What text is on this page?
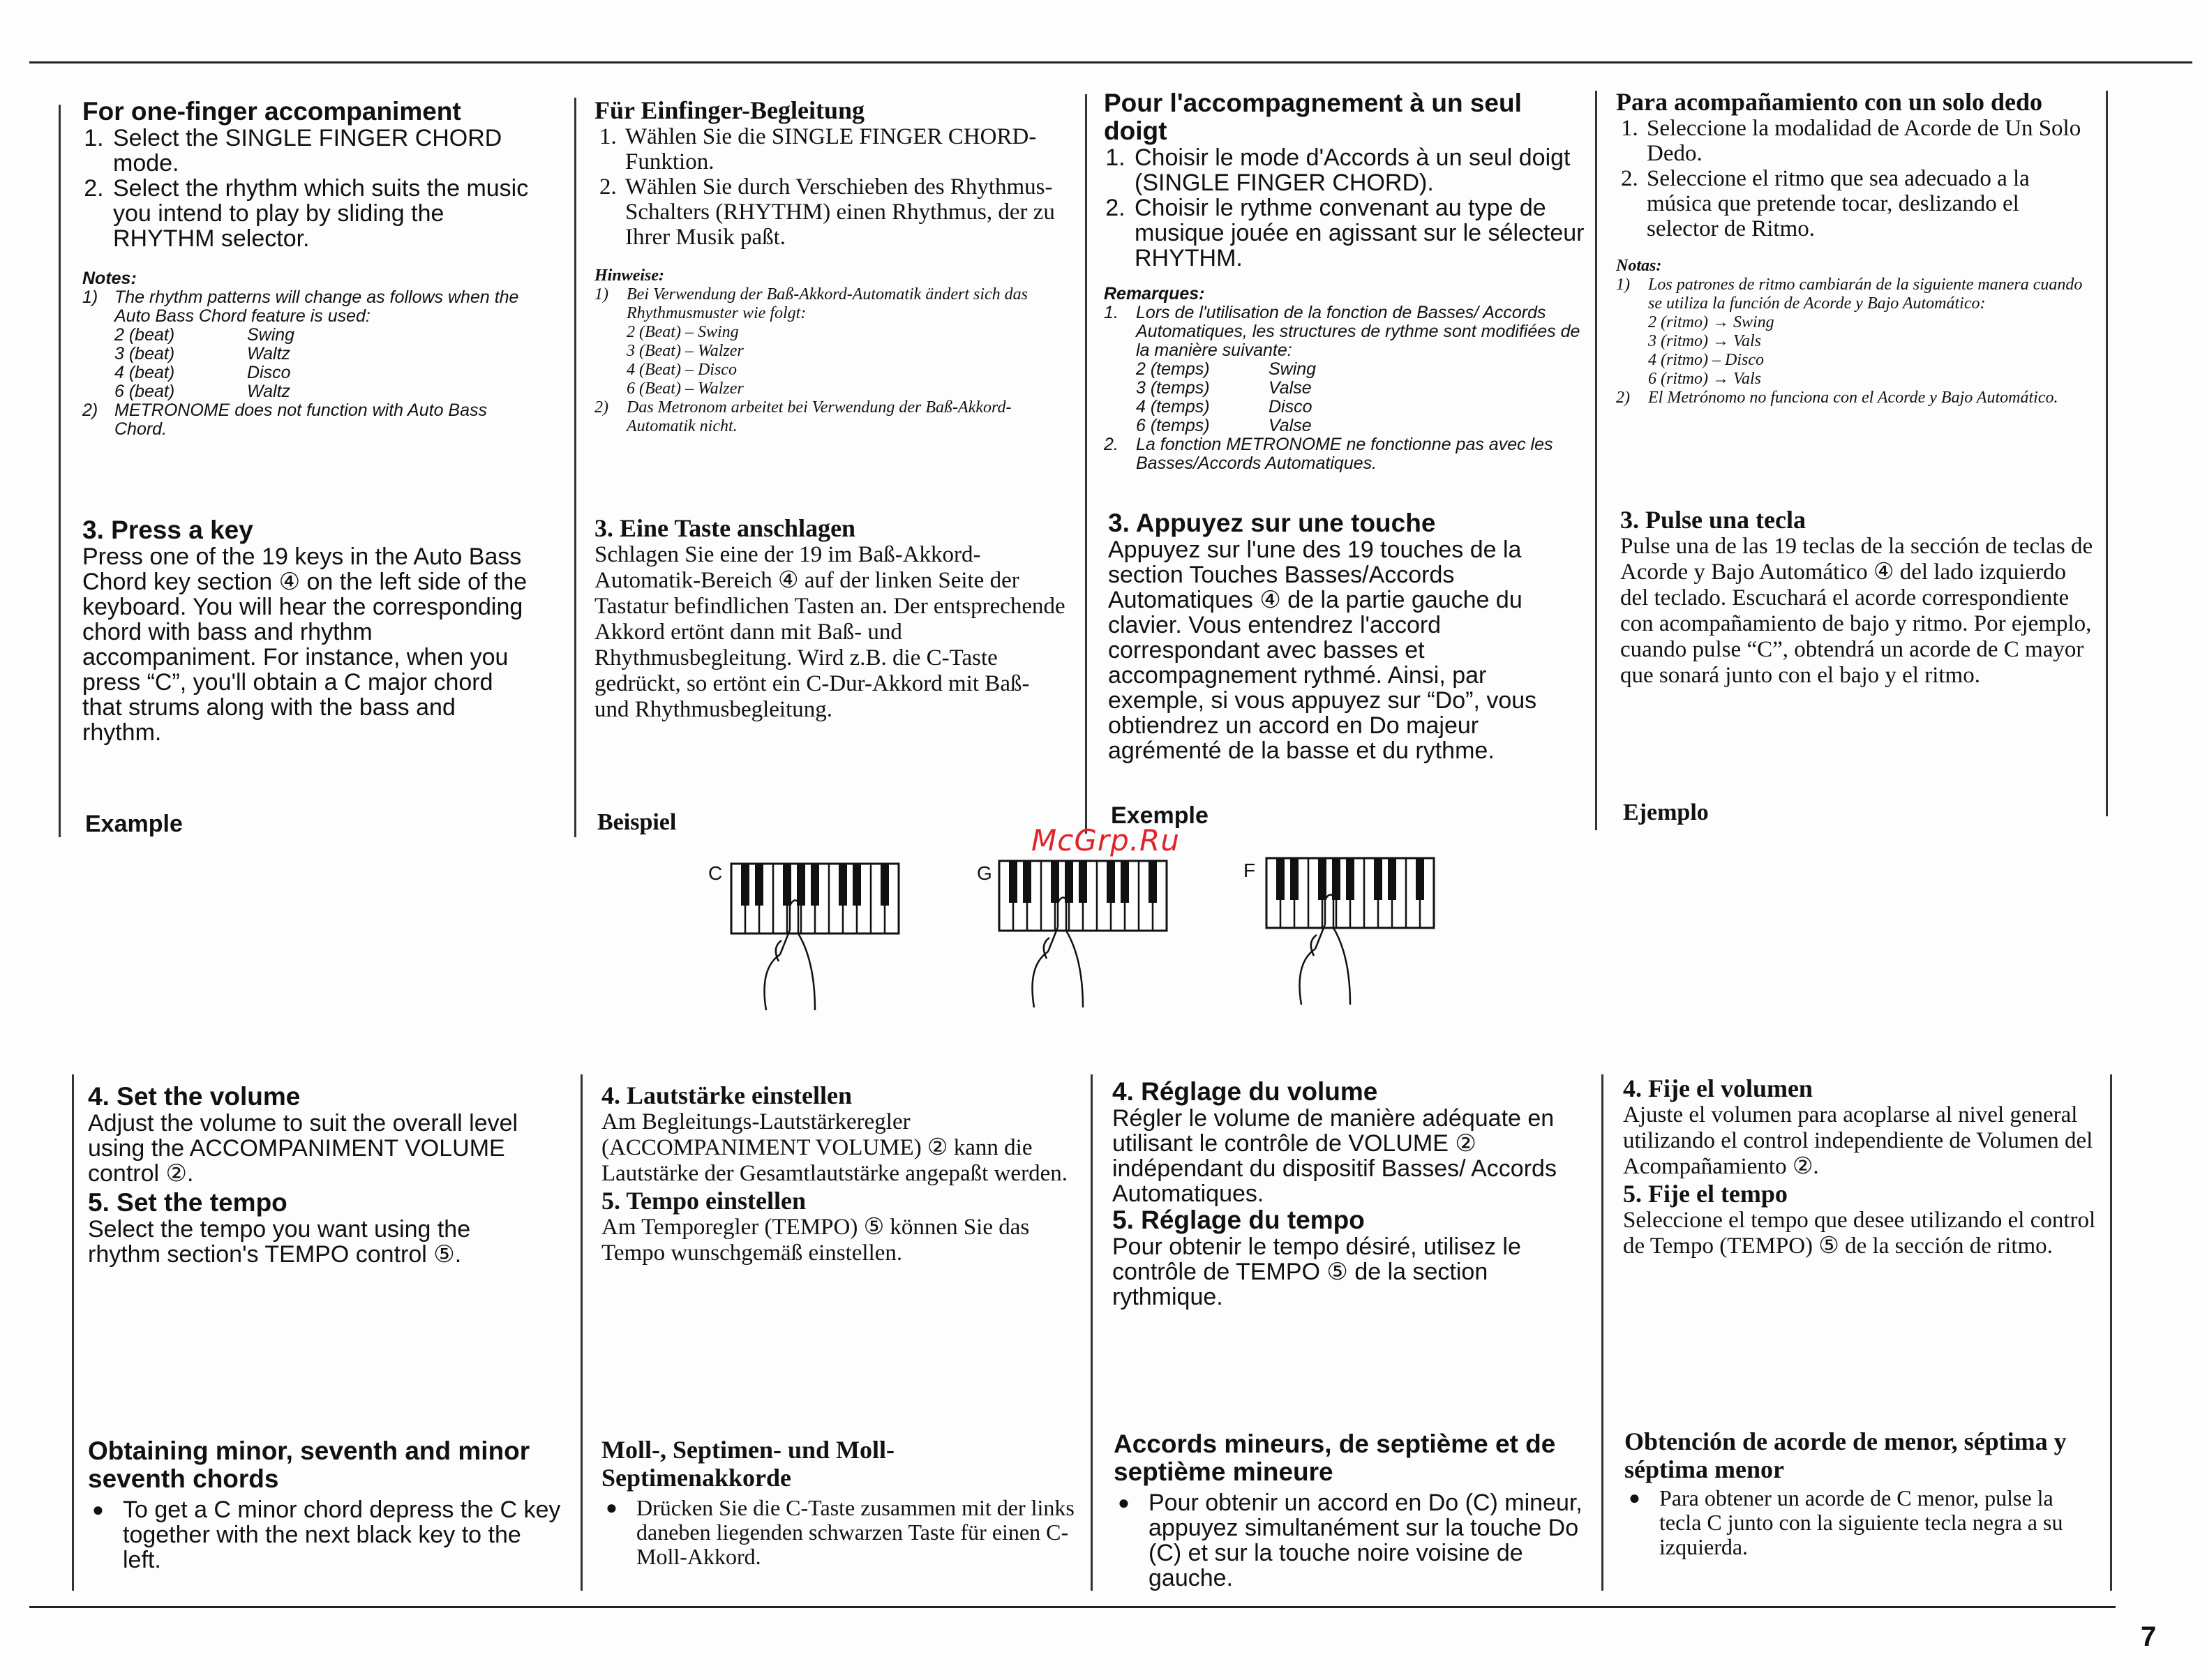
For one-finger accompaniment

1. Select the SINGLE FINGER CHORD mode.
2. Select the rhythm which suits the music you intend to play by sliding the RHYTHM selector.

Notes:

1) The rhythm patterns will change as follows when the Auto Bass Chord feature is used:
2 (beat)	Swing
3 (beat)	Waltz
4 (beat)	Disco
6 (beat)	Waltz
2) METRONOME does not function with Auto Bass Chord.

3. Press a key

Press one of the 19 keys in the Auto Bass Chord key section ④ on the left side of the keyboard. You will hear the corresponding chord with bass and rhythm accompaniment. For instance, when you press “C”, you'll obtain a C major chord that strums along with the bass and rhythm.

Example

4. Set the volume

Adjust the volume to suit the overall level using the ACCOMPANIMENT VOLUME control ②.

5. Set the tempo

Select the tempo you want using the rhythm section's TEMPO control ⑤.

Obtaining minor, seventh and minor seventh chords

● To get a C minor chord depress the C key together with the next black key to the left.

Für Einfinger-Begleitung

1. Wählen Sie die SINGLE FINGER CHORD-Funktion.
2. Wählen Sie durch Verschieben des Rhythmus-Schalters (RHYTHM) einen Rhythmus, der zu Ihrer Musik paßt.

Hinweise:

1)	Bei Verwendung der Baß-Akkord-Automatik ändert sich das Rhythmusmuster wie folgt:
2 (Beat) – Swing
3 (Beat) – Walzer
4 (Beat) – Disco
6 (Beat) – Walzer
2)	Das Metronom arbeitet bei Verwendung der Baß-Akkord-Automatik nicht.

3. Eine Taste anschlagen

Schlagen Sie eine der 19 im Baß-Akkord-Automatik-Bereich ④ auf der linken Seite der Tastatur befindlichen Tasten an. Der entsprechende Akkord ertönt dann mit Baß- und Rhythmusbegleitung. Wird z.B. die C-Taste gedrückt, so ertönt ein C-Dur-Akkord mit Baß- und Rhythmusbegleitung.

Beispiel

4. Lautstärke einstellen

Am Begleitungs-Lautstärkeregler (ACCOMPANIMENT VOLUME) ② kann die Lautstärke der Gesamtlautstärke angepaßt werden.

5. Tempo einstellen

Am Temporegler (TEMPO) ⑤ können Sie das Tempo wunschgemäß einstellen.

Moll-, Septimen- und Moll-Septimenakkorde

● Drücken Sie die C-Taste zusammen mit der links daneben liegenden schwarzen Taste für einen C-Moll-Akkord.

Pour l'accompagnement à un seul doigt

1. Choisir le mode d'Accords à un seul doigt (SINGLE FINGER CHORD).
2. Choisir le rythme convenant au type de musique jouée en agissant sur le sélecteur RHYTHM.

Remarques:

1.	Lors de l'utilisation de la fonction de Basses/ Accords Automatiques, les structures de rythme sont modifiées de la manière suivante:
2 (temps)	Swing
3 (temps)	Valse
4 (temps)	Disco
6 (temps)	Valse
2.	La fonction METRONOME ne fonctionne pas avec les Basses/Accords Automatiques.

3. Appuyez sur une touche

Appuyez sur l'une des 19 touches de la section Touches Basses/Accords Automatiques ④ de la partie gauche du clavier. Vous entendrez l'accord correspondant avec basses et accompagnement rythmé. Ainsi, par exemple, si vous appuyez sur “Do”, vous obtiendrez un accord en Do majeur agrémenté de la basse et du rythme.

Exemple

4. Réglage du volume

Régler le volume de manière adéquate en utilisant le contrôle de VOLUME ② indépendant du dispositif Basses/ Accords Automatiques.

5. Réglage du tempo

Pour obtenir le tempo désiré, utilisez le contrôle de TEMPO ⑤ de la section rythmique.

Accords mineurs, de septième et de septième mineure

● Pour obtenir un accord en Do (C) mineur, appuyez simultanément sur la touche Do (C) et sur la touche noire voisine de gauche.

Para acompañamiento con un solo dedo

1. Seleccione la modalidad de Acorde de Un Solo Dedo.
2. Seleccione el ritmo que sea adecuado a la música que pretende tocar, deslizando el selector de Ritmo.

Notas:

1)	Los patrones de ritmo cambiarán de la siguiente manera cuando se utiliza la función de Acorde y Bajo Automático:
2 (ritmo) → Swing
3 (ritmo) → Vals
4 (ritmo) – Disco
6 (ritmo) → Vals
2)	El Metrónomo no funciona con el Acorde y Bajo Automático.

3. Pulse una tecla

Pulse una de las 19 teclas de la sección de teclas de Acorde y Bajo Automático ④ del lado izquierdo del teclado. Escuchará el acorde correspondiente con acompañamiento de bajo y ritmo. Por ejemplo, cuando pulse “C”, obtendrá un acorde de C mayor que sonará junto con el bajo y el ritmo.

Ejemplo

4. Fije el volumen

Ajuste el volumen para acoplarse al nivel general utilizando el control independiente de Volumen del Acompañamiento ②.

5. Fije el tempo

Seleccione el tempo que desee utilizando el control de Tempo (TEMPO) ⑤ de la sección de ritmo.

Obtención de acorde de menor, séptima y séptima menor

● Para obtener un acorde de C menor, pulse la tecla C junto con la siguiente tecla negra a su izquierda.
McGrp.Ru
C	G	F
7
